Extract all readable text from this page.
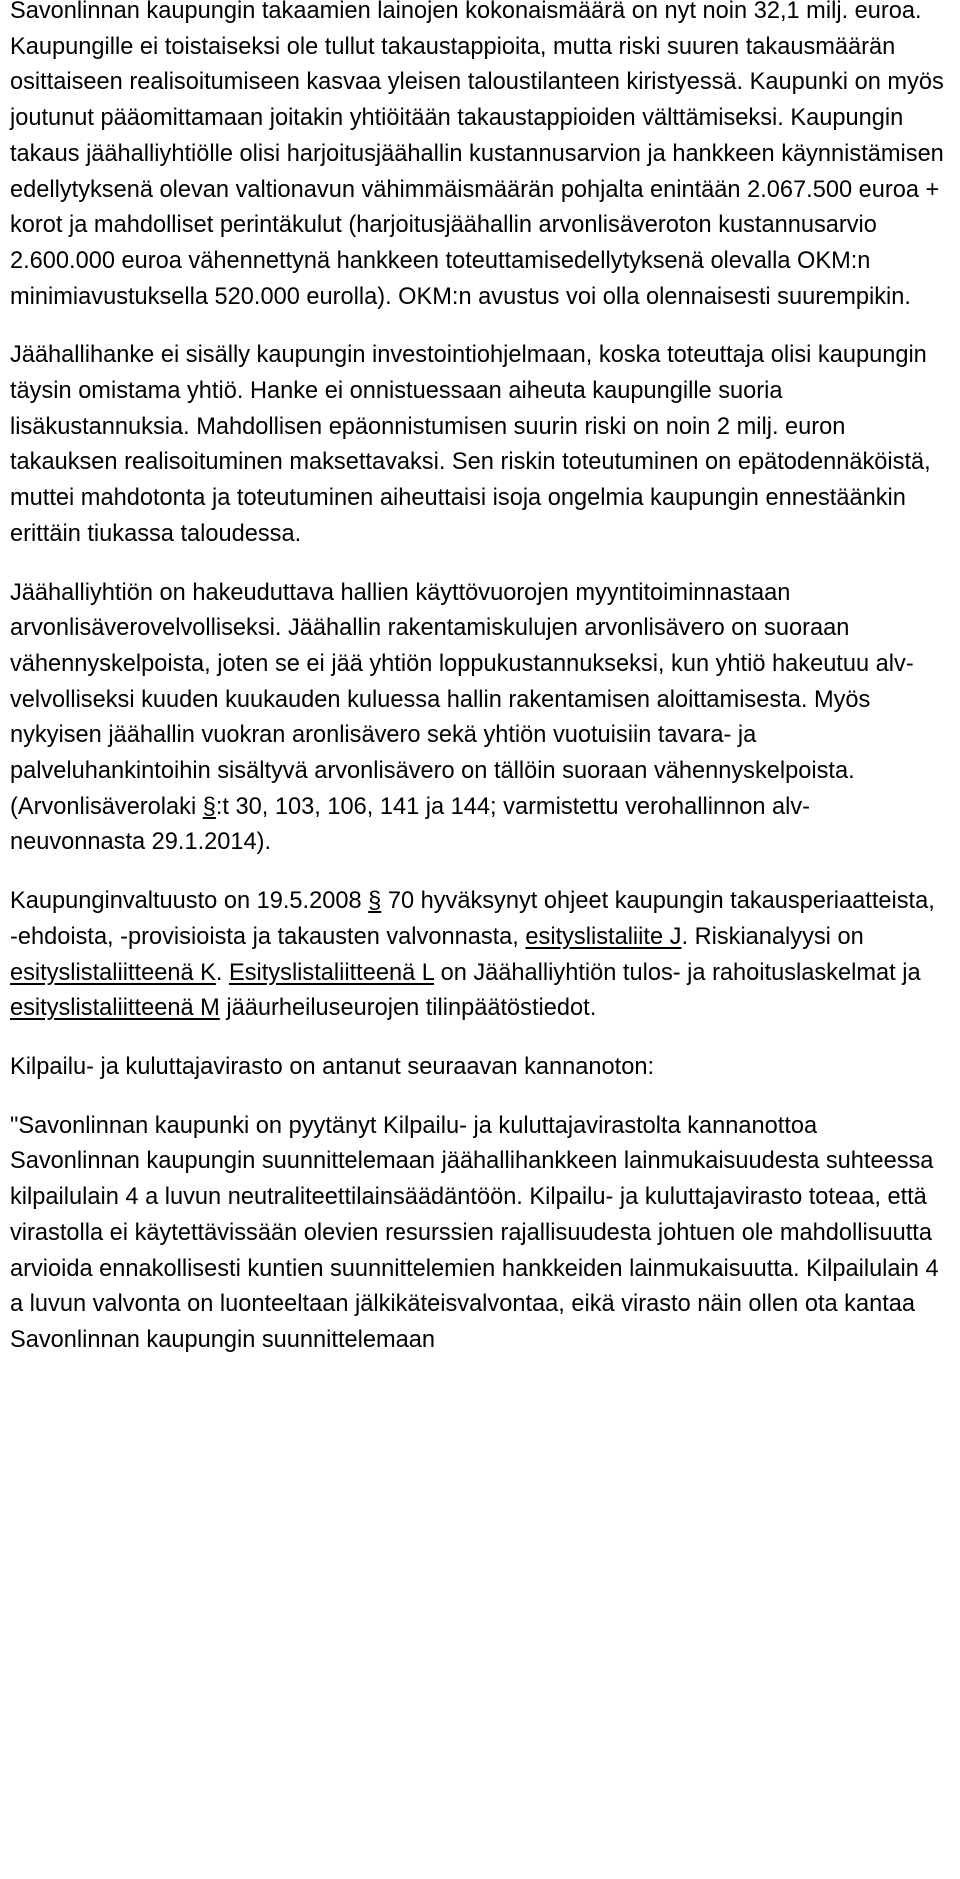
Savonlinnan kaupungin takaamien lainojen kokonaismäärä on nyt noin 32,1 milj. euroa. Kaupungille ei toistaiseksi ole tullut takaustappioita, mutta riski suuren takausmäärän osittaiseen realisoitumiseen kasvaa yleisen taloustilanteen kiristyessä. Kaupunki on myös joutunut pääomittamaan joitakin yhtiöitään takaustappioiden välttämiseksi. Kaupungin takaus jäähalliyhtiölle olisi harjoitusjäähallin kustannusarvion ja hankkeen käynnistämisen edellytyksenä olevan valtionavun vähimmäismäärän pohjalta enintään 2.067.500 euroa + korot ja mahdolliset perintäkulut (harjoitusjäähallin arvonlisäveroton kustannusarvio 2.600.000 euroa vähennettynä hankkeen toteuttamisedellytyksenä olevalla OKM:n minimiavustuksella 520.000 eurolla). OKM:n avustus voi olla olennaisesti suurempikin.

Jäähallihanke ei sisälly kaupungin investointiohjelmaan, koska toteuttaja olisi kaupungin täysin omistama yhtiö. Hanke ei onnistuessaan aiheuta kaupungille suoria lisäkustannuksia. Mahdollisen epäonnistumisen suurin riski on noin 2 milj. euron takauksen realisoituminen maksettavaksi. Sen riskin toteutuminen on epätodennäköistä, muttei mahdotonta ja toteutuminen aiheuttaisi isoja ongelmia kaupungin ennestäänkin erittäin tiukassa taloudessa.

Jäähalliyhtiön on hakeuduttava hallien käyttövuorojen myyntitoiminnastaan arvonlisäverovelvolliseksi. Jäähallin rakentamiskulujen arvonlisävero on suoraan vähennyskelpoista, joten se ei jää yhtiön loppukustannukseksi, kun yhtiö hakeutuu alv-velvolliseksi kuuden kuukauden kuluessa hallin rakentamisen aloittamisesta. Myös nykyisen jäähallin vuokran aronlisävero sekä yhtiön vuotuisiin tavara- ja palveluhankintoihin sisältyvä arvonlisävero on tällöin suoraan vähennyskelpoista. (Arvonlisäverolaki §:t 30, 103, 106, 141 ja 144; varmistettu verohallinnon alv-neuvonnasta 29.1.2014).

Kaupunginvaltuusto on 19.5.2008 § 70 hyväksynyt ohjeet kaupungin takausperiaatteista, -ehdoista, -provisioista ja takausten valvonnasta, esityslistaliite J. Riskianalyysi on esityslistaliitteenä K. Esityslistaliitteenä L on Jäähalliyhtiön tulos- ja rahoituslaskelmat ja esityslistaliitteenä M jääurheiluseurojen tilinpäätöstiedot.

Kilpailu- ja kuluttajavirasto on antanut seuraavan kannanoton:

"Savonlinnan kaupunki on pyytänyt Kilpailu- ja kuluttajavirastolta kannanottoa Savonlinnan kaupungin suunnittelemaan jäähallihankkeen lainmukaisuudesta suhteessa kilpailulain 4 a luvun neutraliteettilainsäädäntöön. Kilpailu- ja kuluttajavirasto toteaa, että virastolla ei käytettävissään olevien resurssien rajallisuudesta johtuen ole mahdollisuutta arvioida ennakollisesti kuntien suunnittelemien hankkeiden lainmukaisuutta. Kilpailulain 4 a luvun valvonta on luonteeltaan jälkikäteisvalvontaa, eikä virasto näin ollen ota kantaa Savonlinnan kaupungin suunnittelemaan
